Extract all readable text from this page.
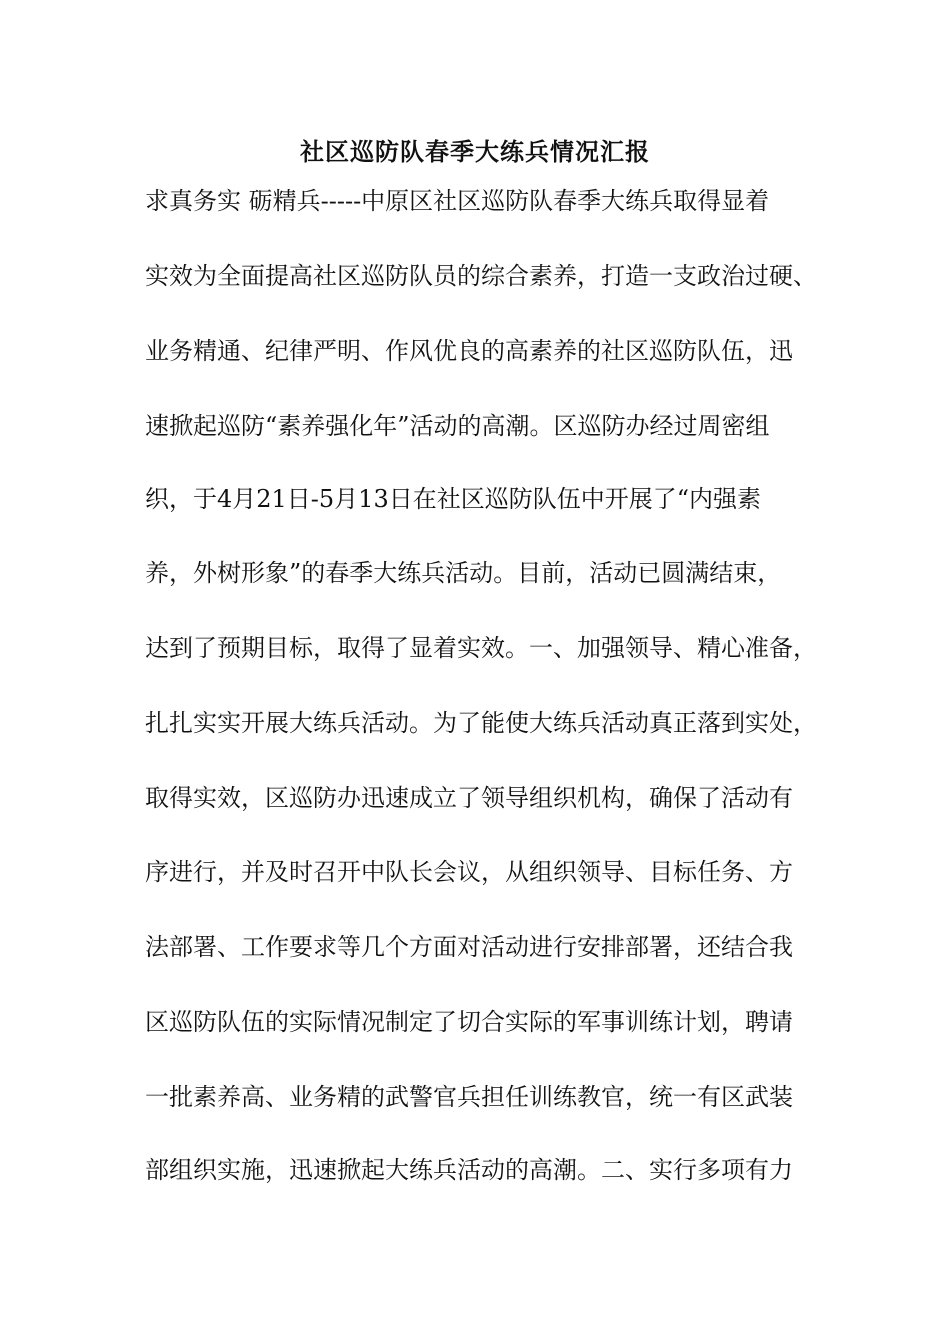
社区巡防队春季大练兵情况汇报
求真务实 砺精兵-----中原区社区巡防队春季大练兵取得显着
实效为全面提高社区巡防队员的综合素养，打造一支政治过硬、
业务精通、纪律严明、作风优良的高素养的社区巡防队伍，迅
速掀起巡防“素养强化年”活动的高潮。区巡防办经过周密组
织，于4月21日-5月13日在社区巡防队伍中开展了“内强素
养，外树形象”的春季大练兵活动。目前，活动已圆满结束，
达到了预期目标，取得了显着实效。一、加强领导、精心准备，
扎扎实实开展大练兵活动。为了能使大练兵活动真正落到实处，
取得实效，区巡防办迅速成立了领导组织机构，确保了活动有
序进行，并及时召开中队长会议，从组织领导、目标任务、方
法部署、工作要求等几个方面对活动进行安排部署，还结合我
区巡防队伍的实际情况制定了切合实际的军事训练计划，聘请
一批素养高、业务精的武警官兵担任训练教官，统一有区武装
部组织实施，迅速掀起大练兵活动的高潮。二、实行多项有力
